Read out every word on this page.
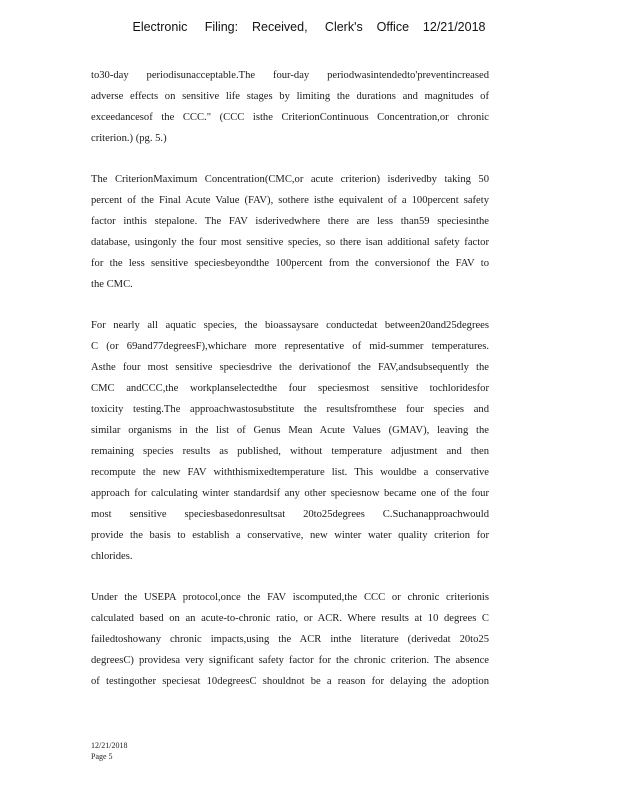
Electronic     Filing:    Received,     Clerk's    Office    12/21/2018
to30-day periodisunacceptable.The four-day periodwasintendedto'preventincreased
adverse effects on sensitive life stages by limiting the durations and magnitudes of
exceedancesof the CCC." (CCC isthe CriterionContinuous Concentration,or chronic
criterion.) (pg. 5.)
The CriterionMaximum Concentration(CMC,or acute criterion) isderivedby taking 50
percent of the Final Acute Value (FAV), sothere isthe equivalent of a 100percent safety
factor inthis stepalone. The FAV isderivedwhere there are less than59 speciesinthe
database, usingonly the four most sensitive species, so there isan additional safety factor
for the less sensitive speciesbeyondthe 100percent from the conversionof the FAV to
the CMC.
For nearly all aquatic species, the bioassaysare conductedat between20and25degrees
C (or 69and77degreesF),whichare more representative of mid-summer temperatures.
Asthe four most sensitive speciesdrive the derivationof the FAV,andsubsequently the
CMC andCCC,the workplanselectedthe four speciesmost sensitive tochloridesfor
toxicity testing.The approachwastosubstitute the resultsfromthese four species and
similar organisms in the list of Genus Mean Acute Values (GMAV), leaving the
remaining species results as published, without temperature adjustment and then
recompute the new FAV withthismixedtemperature list. This wouldbe a conservative
approach for calculating winter standardsif any other speciesnow became one of the four
most sensitive speciesbasedonresultsat 20to25degrees C.Suchanapproachwould
provide the basis to establish a conservative, new winter water quality criterion for
chlorides.
Under the USEPA protocol,once the FAV iscomputed,the CCC or chronic criterionis
calculated based on an acute-to-chronic ratio, or ACR. Where results at 10 degrees C
failedtoshowany chronic impacts,using the ACR inthe literature (derivedat 20to25
degreesC) providesa very significant safety factor for the chronic criterion. The absence
of testingother speciesat 10degreesC shouldnot be a reason for delaying the adoption
12/21/2018
Page 5
